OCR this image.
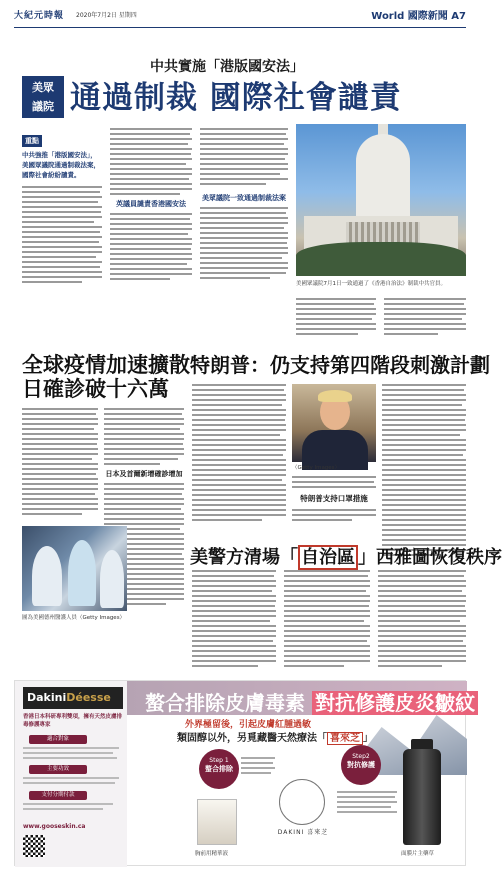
大紀元時報 2020年7月2日 星期四	World 國際新聞 A7
中共實施「港版國安法」
美眾
議院 通過制裁 國際社會譴責
重點
中共強推「港版國安法」，美國眾議院通過制裁法案，國際社會紛紛譴責。
英議員譴責香港國安法
美眾議院一致通過制裁法案
美國眾議院7月1日一致通過了《香港自治法》制裁中共官員。
全球疫情加速擴散
日確診破十六萬
日本及首爾新增確診增加
圖為美國德州醫護人員（Getty Images）
特朗普：仍支持第四階段刺激計劃
（Getty Images）
特朗普支持口罩措施
美警方清場「 自治區 」西雅圖恢復秩序
DakiniDéesse
香港日本科研專利雙項，擁有天然皮膚排毒修護專家
適合對象
主要功效
支付分期付款
www.gooseskin.ca
螯合排除皮膚毒素 對抗修護皮炎皺紋
外界極留後，引起皮膚紅腫過敏
類固醇以外，另覓藏醫天然療法「 喜來芝 」
Step 1
螯合排除
胸前用精華液
DAKINI 喜來芝
Step2
對抗修護
面膜片主藥草
